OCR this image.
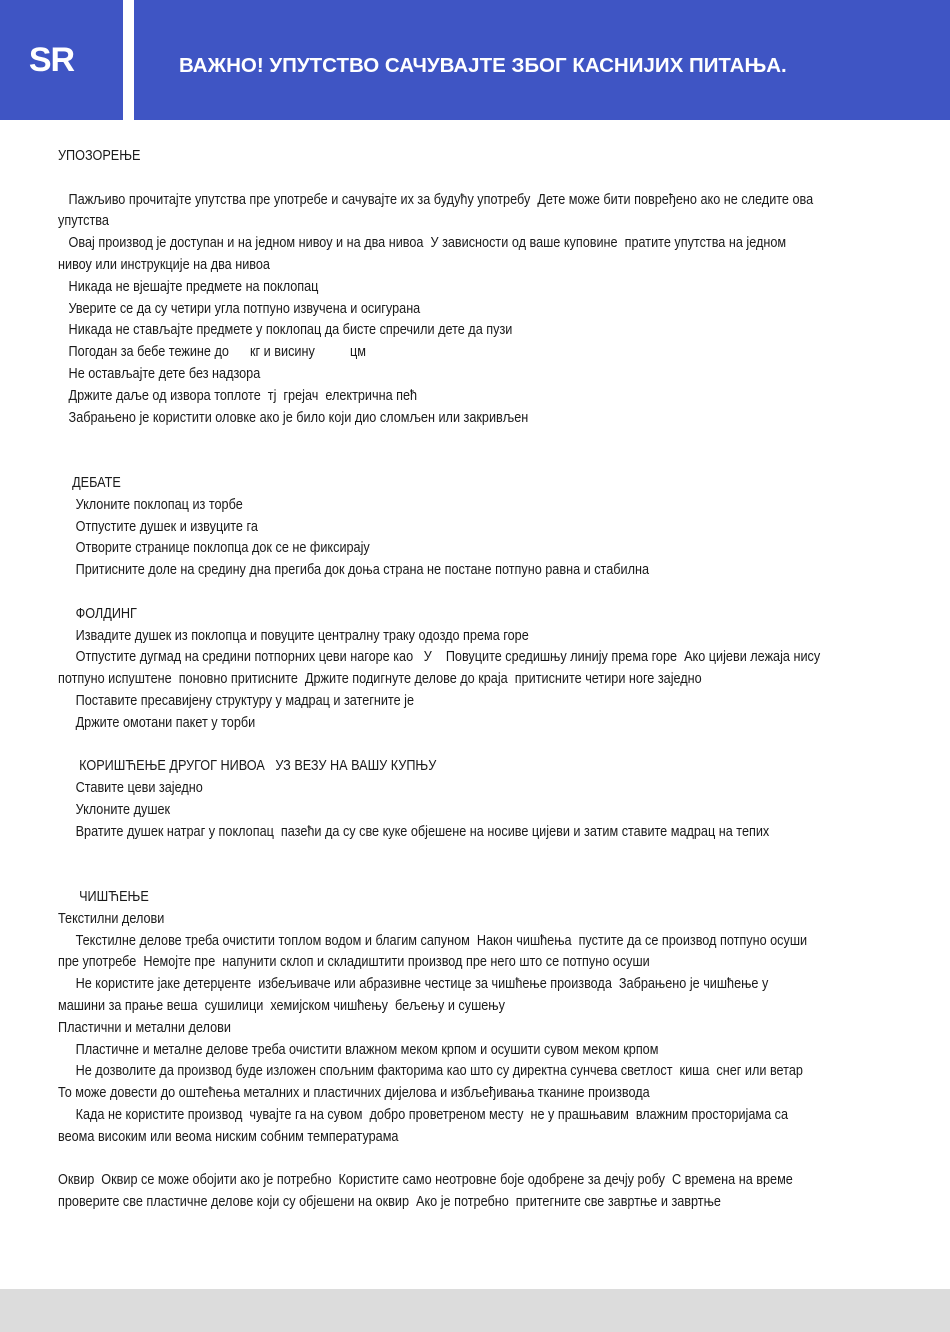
SR	ВАЖНО! УПУТСТВО САЧУВАЈТЕ ЗБОГ КАСНИЈИХ ПИТАЊА.
УПОЗОРЕЊЕ
Пажљиво прочитајте упутства пре употребе и сачувајте их за будућу употребу  Дете може бити повређено ако не следите ова
упутства
Овај производ је доступан и на једном нивоу и на два нивоа  У зависности од ваше куповине  пратите упутства на једном
нивоу или инструкције на два нивоа
Никада не вјешајте предмете на поклопац
Уверите се да су четири угла потпуно извучена и осигурана
Никада не стављајте предмете у поклопац да бисте спречили дете да пузи
Погодан за бебе тежине до      кг и висину          цм
Не остављајте дете без надзора
Држите даље од извора топлоте  тј  грејач  електрична пећ
Забрањено је користити оловке ако је било који дио сломљен или закривљен
ДЕБАТЕ
Уклоните поклопац из торбе
Отпустите душек и извуците га
Отворите странице поклопца док се не фиксирају
Притисните доле на средину дна прегиба док доња страна не постане потпуно равна и стабилна
ФОЛДИНГ
Извадите душек из поклопца и повуците централну траку одоздо према горе
Отпустите дугмад на средини потпорних цеви нагоре као   У    Повуците средишњу линију према горе  Ако цијеви лежаја нису
потпуно испуштене  поновно притисните  Држите подигнуте делове до краја  притисните четири ноге заједно
Поставите пресавијену структуру у мадрац и затегните је
Држите омотани пакет у торби
КОРИШЋЕЊЕ ДРУГОГ НИВОА   УЗ ВЕЗУ НА ВАШУ КУПЊУ
Ставите цеви заједно
Уклоните душек
Вратите душек натраг у поклопац  пазећи да су све куке објешене на носиве цијеви и затим ставите мадрац на тепих
ЧИШЋЕЊЕ
Текстилни делови
Текстилне делове треба очистити топлом водом и благим сапуном  Након чишћења  пустите да се производ потпуно осуши
пре употребе  Немојте пре  напунити склоп и складиштити производ пре него што се потпуно осуши
Не користите јаке детерџенте  избељиваче или абразивне честице за чишћење производа  Забрањено је чишћење у
машини за прање веша  сушилици  хемијском чишћењу  бељењу и сушењу
Пластични и метални делови
Пластичне и металне делове треба очистити влажном меком крпом и осушити сувом меком крпом
Не дозволите да производ буде изложен спољним факторима као што су директна сунчева светлост  киша  снег или ветар
То може довести до оштећења металних и пластичних дијелова и избљеђивања тканине производа
Када не користите производ  чувајте га на сувом  добро проветреном месту  не у прашњавим  влажним просторијама са
веома високим или веома ниским собним температурама
Оквир  Оквир се може обојити ако је потребно  Користите само неотровне боје одобрене за дечју робу  С времена на време
проверите све пластичне делове који су објешени на оквир  Ако је потребно  притегните све завртње и завртње
